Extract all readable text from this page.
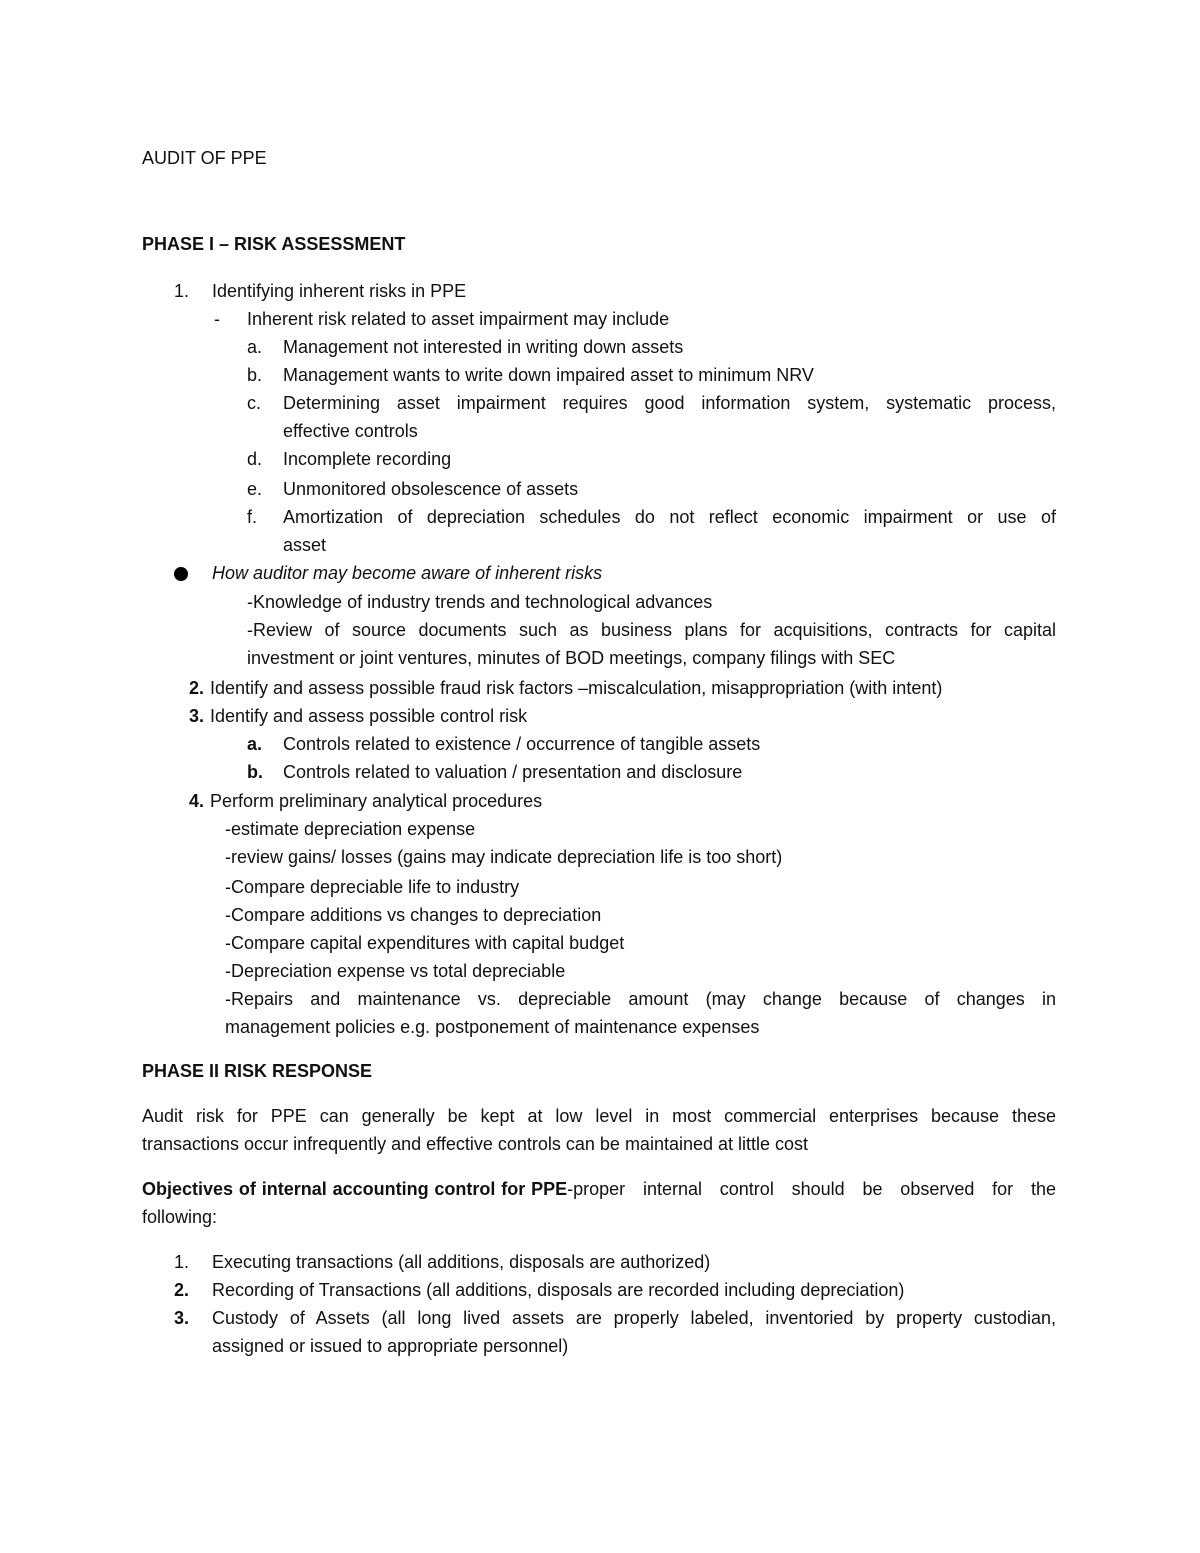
AUDIT OF PPE
PHASE I – RISK ASSESSMENT
1. Identifying inherent risks in PPE
- Inherent risk related to asset impairment may include
a. Management not interested in writing down assets
b. Management wants to write down impaired asset to minimum NRV
c. Determining asset impairment requires good information system, systematic process,
effective controls
d. Incomplete recording
e. Unmonitored obsolescence of assets
f. Amortization of depreciation schedules do not reflect economic impairment or use of
asset
How auditor may become aware of inherent risks
-Knowledge of industry trends and technological advances
-Review of source documents such as business plans for acquisitions, contracts for capital
investment or joint ventures, minutes of BOD meetings, company filings with SEC
2. Identify and assess possible fraud risk factors –miscalculation, misappropriation (with intent)
3. Identify and assess possible control risk
a. Controls related to existence / occurrence of tangible assets
b. Controls related to valuation / presentation and disclosure
4. Perform preliminary analytical procedures
-estimate depreciation expense
-review gains/ losses (gains may indicate depreciation life is too short)
-Compare depreciable life to industry
-Compare additions vs changes to depreciation
-Compare capital expenditures with capital budget
-Depreciation expense vs total depreciable
-Repairs and maintenance vs. depreciable amount (may change because of changes in
management policies e.g. postponement of maintenance expenses
PHASE II RISK RESPONSE
Audit risk for PPE can generally be kept at low level in most commercial enterprises because these
transactions occur infrequently and effective controls can be maintained at little cost
Objectives of internal accounting control for PPE -proper internal control should be observed for the
following:
1. Executing transactions (all additions, disposals are authorized)
2. Recording of Transactions (all additions, disposals are recorded including depreciation)
3. Custody of Assets (all long lived assets are properly labeled, inventoried by property custodian,
assigned or issued to appropriate personnel)
